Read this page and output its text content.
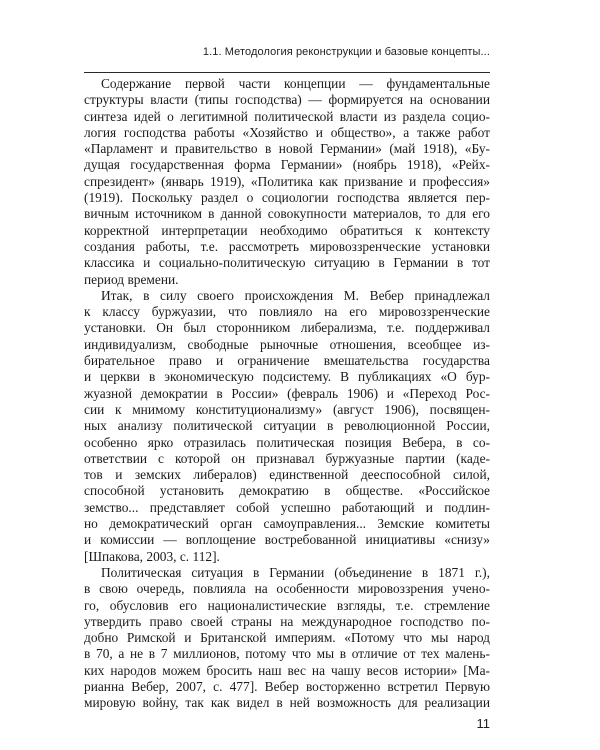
1.1. Методология реконструкции и базовые концепты...
Содержание первой части концепции — фундаментальные
структуры власти (типы господства) — формируется на основании
синтеза идей о легитимной политической власти из раздела социо-
логия господства работы «Хозяйство и общество», а также работ
«Парламент и правительство в новой Германии» (май 1918), «Бу-
дущая государственная форма Германии» (ноябрь 1918), «Рейх-
спрезидент» (январь 1919), «Политика как призвание и профессия»
(1919). Поскольку раздел о социологии господства является пер-
вичным источником в данной совокупности материалов, то для его
корректной интерпретации необходимо обратиться к контексту
создания работы, т.е. рассмотреть мировоззренческие установки
классика и социально-политическую ситуацию в Германии в тот
период времени.
Итак, в силу своего происхождения М. Вебер принадлежал
к классу буржуазии, что повлияло на его мировоззренческие
установки. Он был сторонником либерализма, т.е. поддерживал
индивидуализм, свободные рыночные отношения, всеобщее из-
бирательное право и ограничение вмешательства государства
и церкви в экономическую подсистему. В публикациях «О бур-
жуазной демократии в России» (февраль 1906) и «Переход Рос-
сии к мнимому конституционализму» (август 1906), посвящен-
ных анализу политической ситуации в революционной России,
особенно ярко отразилась политическая позиция Вебера, в со-
ответствии с которой он признавал буржуазные партии (каде-
тов и земских либералов) единственной дееспособной силой,
способной установить демократию в обществе. «Российское
земство... представляет собой успешно работающий и подлин-
но демократический орган самоуправления... Земские комитеты
и комиссии — воплощение востребованной инициативы «снизу»
[Шпакова, 2003, с. 112].
Политическая ситуация в Германии (объединение в 1871 г.),
в свою очередь, повлияла на особенности мировоззрения учено-
го, обусловив его националистические взгляды, т.е. стремление
утвердить право своей страны на международное господство по-
добно Римской и Британской империям. «Потому что мы народ
в 70, а не в 7 миллионов, потому что мы в отличие от тех малень-
ких народов можем бросить наш вес на чашу весов истории» [Ма-
рианна Вебер, 2007, с. 477]. Вебер восторженно встретил Первую
мировую войну, так как видел в ней возможность для реализации
11
